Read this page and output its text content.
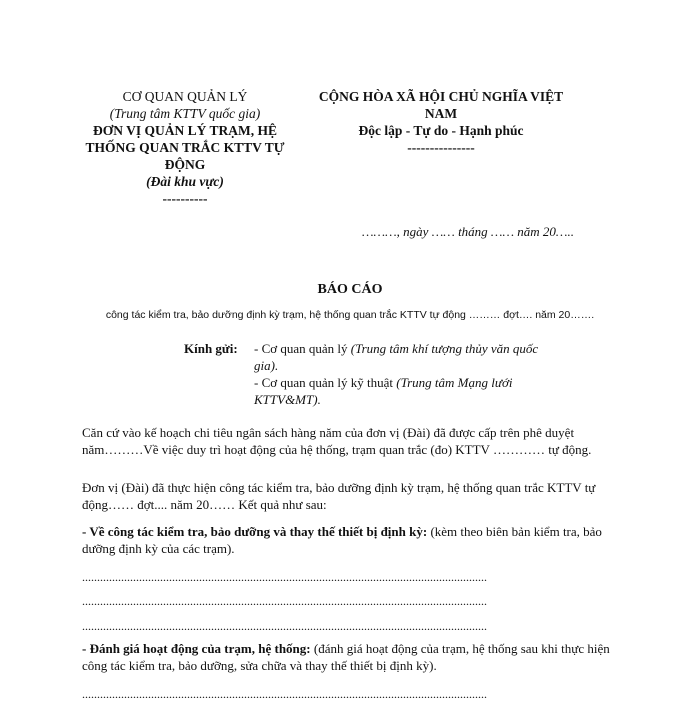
CƠ QUAN QUẢN LÝ
(Trung tâm KTTV quốc gia)
ĐƠN VỊ QUẢN LÝ TRẠM, HỆ
THỐNG QUAN TRẮC KTTV TỰ
ĐỘNG
(Đài khu vực)
----------
CỘNG HÒA XÃ HỘI CHỦ NGHĨA VIỆT
NAM
Độc lập - Tự do - Hạnh phúc
---------------
………, ngày …… tháng …… năm 20…..
BÁO CÁO
công tác kiểm tra, bảo dưỡng định kỳ trạm, hệ thống quan trắc KTTV tự động ……… đợt…. năm 20…….
Kính gửi: - Cơ quan quản lý (Trung tâm khí tượng thủy văn quốc gia).
- Cơ quan quản lý kỹ thuật (Trung tâm Mạng lưới KTTV&MT).
Căn cứ vào kế hoạch chi tiêu ngân sách hàng năm của đơn vị (Đài) đã được cấp trên phê duyệt năm………Về việc duy trì hoạt động của hệ thống, trạm quan trắc (đo) KTTV ………… tự động.
Đơn vị (Đài) đã thực hiện công tác kiểm tra, bảo dưỡng định kỳ trạm, hệ thống quan trắc KTTV tự động…… đợt.... năm 20…… Kết quả như sau:
- Về công tác kiểm tra, bảo dưỡng và thay thế thiết bị định kỳ: (kèm theo biên bản kiểm tra, bảo dưỡng định kỳ của các trạm).
.......................................................................................................................................
.......................................................................................................................................
.......................................................................................................................................
- Đánh giá hoạt động của trạm, hệ thống: (đánh giá hoạt động của trạm, hệ thống sau khi thực hiện công tác kiểm tra, bảo dưỡng, sửa chữa và thay thế thiết bị định kỳ).
.......................................................................................................................................
